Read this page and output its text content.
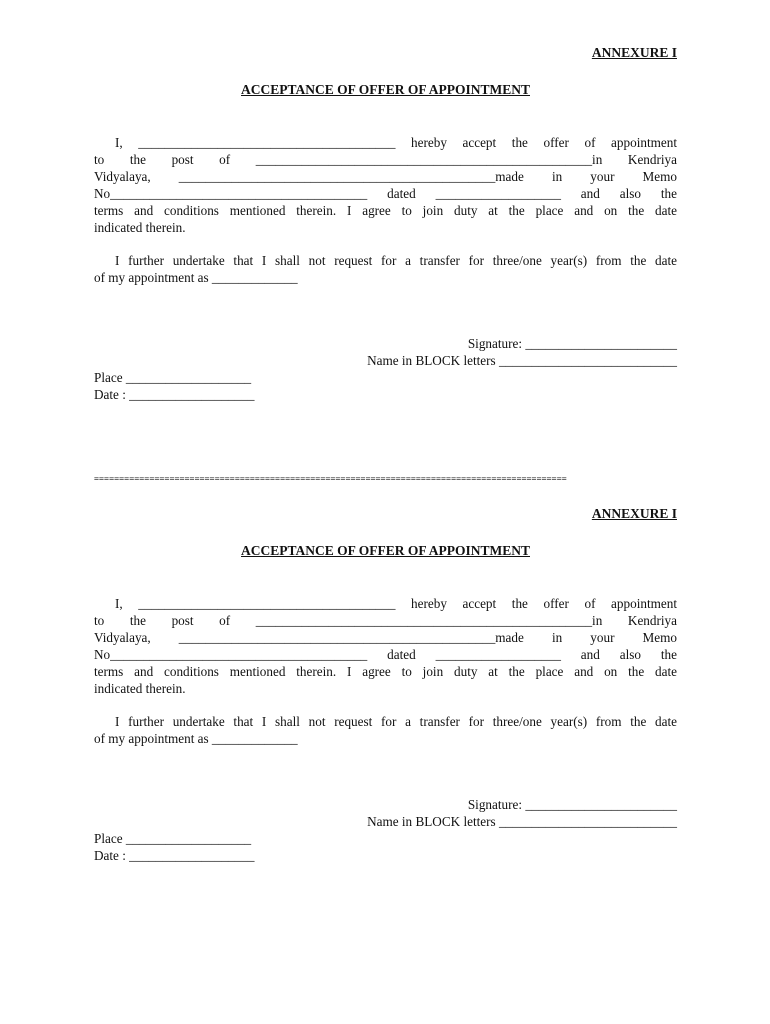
ANNEXURE I
ACCEPTANCE OF OFFER OF APPOINTMENT
I, _______________________________________ hereby accept the offer of appointment
to the post of ___________________________________________________in Kendriya
Vidyalaya, ________________________________________________made in your Memo
No_______________________________________ dated ___________________ and also the
terms and conditions mentioned therein. I agree to join duty at the place and on the date
indicated therein.
I further undertake that I shall not request for a transfer for three/one year(s) from the date
of my appointment as _____________
Signature: _______________________
Name in BLOCK letters ___________________________
Place ___________________
Date : ___________________
==============================================================================================
ANNEXURE I
ACCEPTANCE OF OFFER OF APPOINTMENT
I, _______________________________________ hereby accept the offer of appointment
to the post of ___________________________________________________in Kendriya
Vidyalaya, ________________________________________________made in your Memo
No_______________________________________ dated ___________________ and also the
terms and conditions mentioned therein. I agree to join duty at the place and on the date
indicated therein.
I further undertake that I shall not request for a transfer for three/one year(s) from the date
of my appointment as _____________
Signature: _______________________
Name in BLOCK letters ___________________________
Place ___________________
Date : ___________________
